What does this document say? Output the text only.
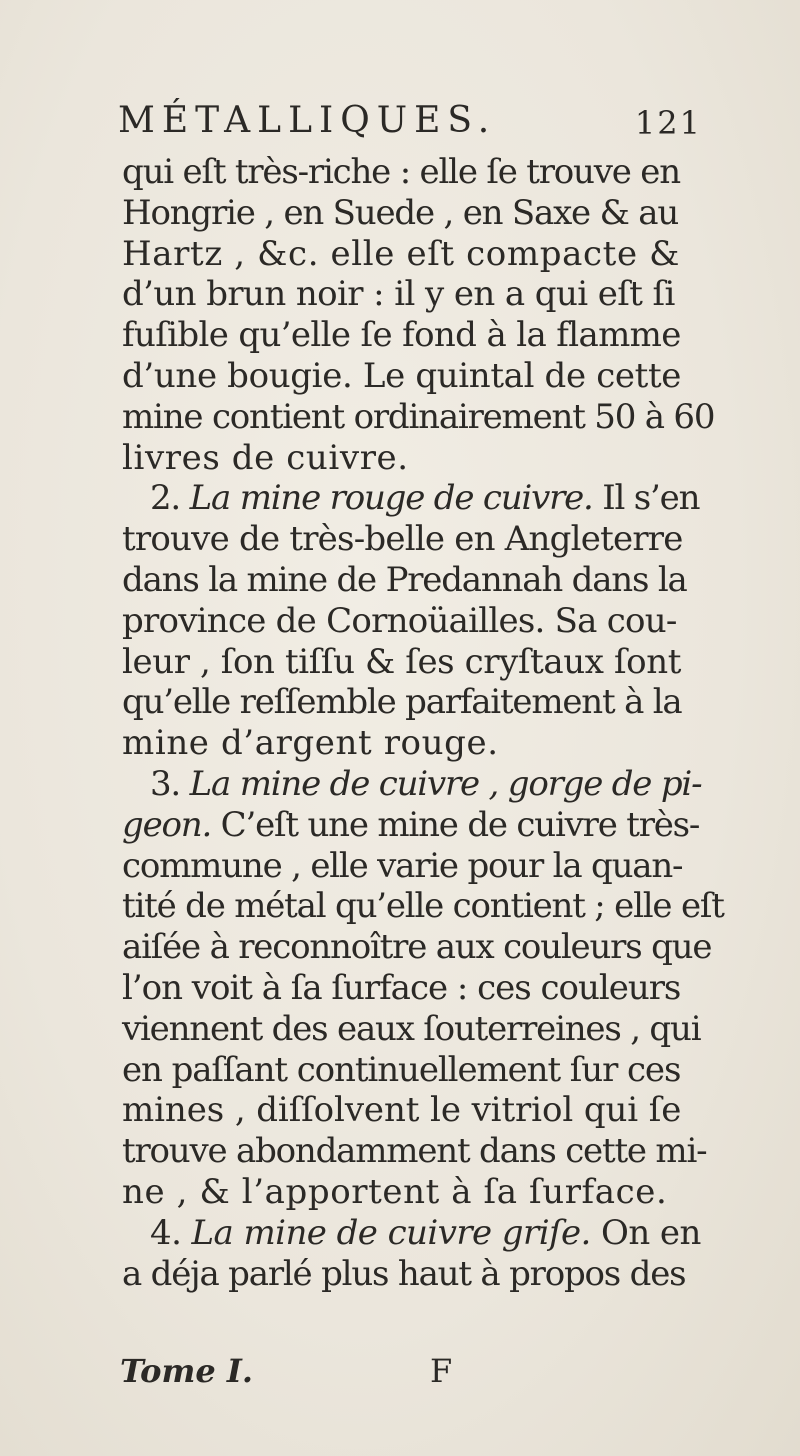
MÉTALLIQUES.	121
qui eſt très-riche : elle ſe trouve en
Hongrie , en Suede , en Saxe & au
Hartz , &c. elle eſt compacte &
d’un brun noir : il y en a qui eſt ſi
fuſible qu’elle ſe fond à la flamme
d’une bougie. Le quintal de cette
mine contient ordinairement 50 à 60
livres de cuivre.
2. La mine rouge de cuivre. Il s’en
trouve de très-belle en Angleterre
dans la mine de Predannah dans la
province de Cornoüailles. Sa cou-
leur , ſon tiſſu & ſes cryſtaux ſont
qu’elle reſſemble parfaitement à la
mine d’argent rouge.
3. La mine de cuivre , gorge de pi-
geon. C’eſt une mine de cuivre très-
commune , elle varie pour la quan-
tité de métal qu’elle contient ; elle eſt
aiſée à reconnoître aux couleurs que
l’on voit à ſa ſurface : ces couleurs
viennent des eaux ſouterreines , qui
en paſſant continuellement ſur ces
mines , diſſolvent le vitriol qui ſe
trouve abondamment dans cette mi-
ne , & l’apportent à ſa ſurface.
4. La mine de cuivre griſe. On en
a déja parlé plus haut à propos des
Tome I.	F
